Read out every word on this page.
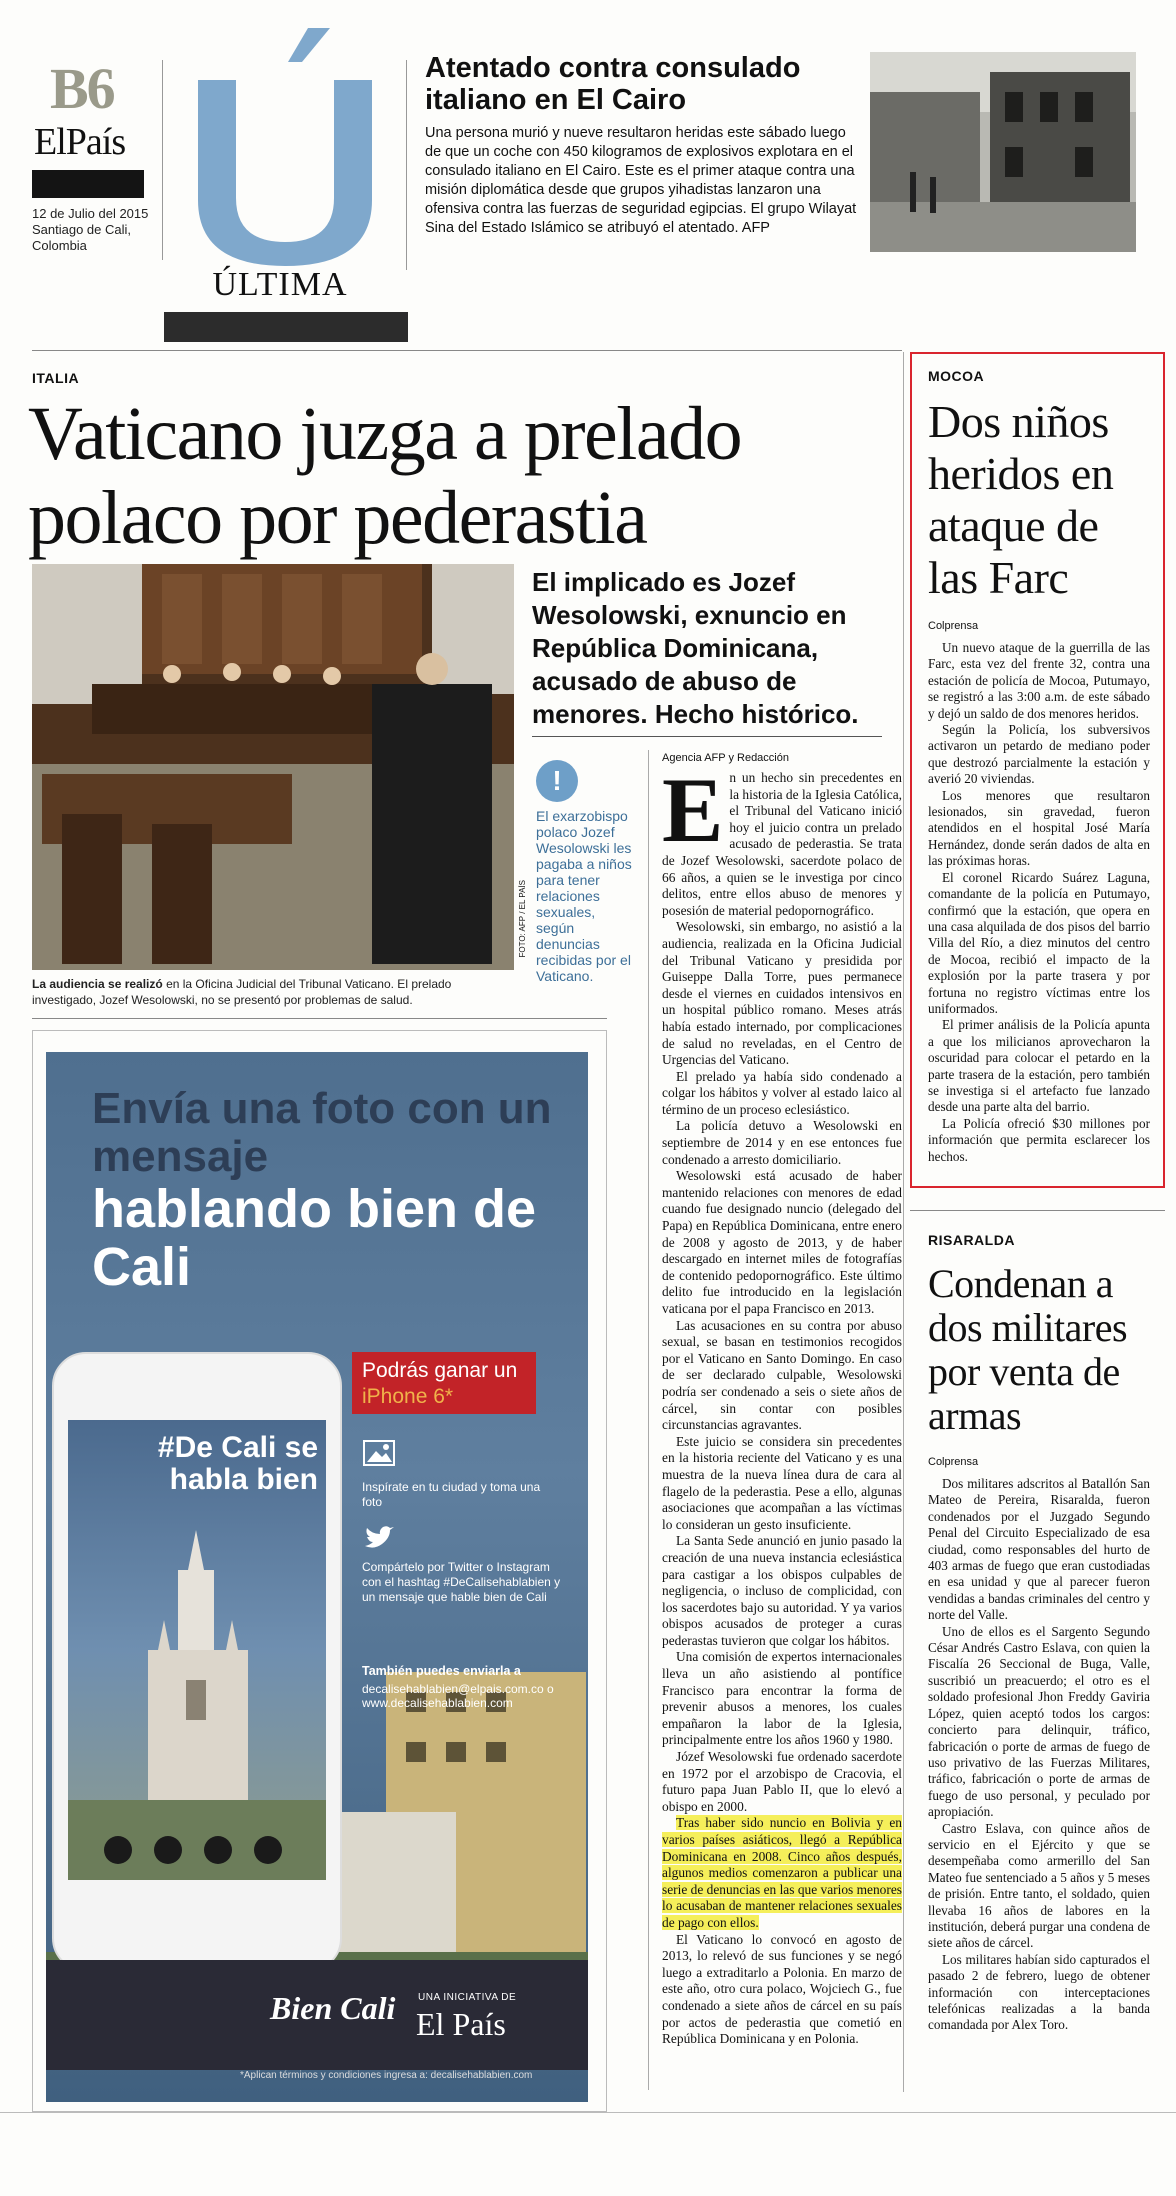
B6
ElPaís
12 de Julio del 2015 Santiago de Cali, Colombia
ÚLTIMA
Atentado contra consulado italiano en El Cairo
Una persona murió y nueve resultaron heridas este sábado luego de que un coche con 450 kilogramos de explosivos explotara en el consulado italiano en El Cairo. Este es el primer ataque contra una misión diplomática desde que grupos yihadistas lanzaron una ofensiva contra las fuerzas de seguridad egipcias. El grupo Wilayat Sina del Estado Islámico se atribuyó el atentado. AFP
ITALIA
Vaticano juzga a prelado polaco por pederastia
FOTO: AFP / EL PAÍS
La audiencia se realizó en la Oficina Judicial del Tribunal Vaticano. El prelado investigado, Jozef Wesolowski, no se presentó por problemas de salud.
El implicado es Jozef Wesolowski, exnuncio en República Dominicana, acusado de abuso de menores. Hecho histórico.
!
El exarzobispo polaco Jozef Wesolowski les pagaba a niños para tener relaciones sexuales, según denuncias recibidas por el Vaticano.
Agencia AFP y Redacción

En un hecho sin precedentes en la historia de la Iglesia Católica, el Tribunal del Vaticano inició hoy el juicio contra un prelado acusado de pederastia. Se trata de Jozef Wesolowski, sacerdote polaco de 66 años, a quien se le investiga por cinco delitos, entre ellos abuso de menores y posesión de material pedopornográfico.

Wesolowski, sin embargo, no asistió a la audiencia, realizada en la Oficina Judicial del Tribunal Vaticano y presidida por Guiseppe Dalla Torre, pues permanece desde el viernes en cuidados intensivos en un hospital público romano. Meses atrás había estado internado, por complicaciones de salud no reveladas, en el Centro de Urgencias del Vaticano.

El prelado ya había sido condenado a colgar los hábitos y volver al estado laico al término de un proceso eclesiástico.

La policía detuvo a Wesolowski en septiembre de 2014 y en ese entonces fue condenado a arresto domiciliario.

Wesolowski está acusado de haber mantenido relaciones con menores de edad cuando fue designado nuncio (delegado del Papa) en República Dominicana, entre enero de 2008 y agosto de 2013, y de haber descargado en internet miles de fotografías de contenido pedopornográfico. Este último delito fue introducido en la legislación vaticana por el papa Francisco en 2013.

Las acusaciones en su contra por abuso sexual, se basan en testimonios recogidos por el Vaticano en Santo Domingo. En caso de ser declarado culpable, Wesolowski podría ser condenado a seis o siete años de cárcel, sin contar con posibles circunstancias agravantes.

Este juicio se considera sin precedentes en la historia reciente del Vaticano y es una muestra de la nueva línea dura de cara al flagelo de la pederastia. Pese a ello, algunas asociaciones que acompañan a las víctimas lo consideran un gesto insuficiente.

La Santa Sede anunció en junio pasado la creación de una nueva instancia eclesiástica para castigar a los obispos culpables de negligencia, o incluso de complicidad, con los sacerdotes bajo su autoridad. Y ya varios obispos acusados de proteger a curas pederastas tuvieron que colgar los hábitos.

Una comisión de expertos internacionales lleva un año asistiendo al pontífice Francisco para encontrar la forma de prevenir abusos a menores, los cuales empañaron la labor de la Iglesia, principalmente entre los años 1960 y 1980.

Józef Wesolowski fue ordenado sacerdote en 1972 por el arzobispo de Cracovia, el futuro papa Juan Pablo II, que lo elevó a obispo en 2000.

Tras haber sido nuncio en Bolivia y en varios países asiáticos, llegó a República Dominicana en 2008. Cinco años después, algunos medios comenzaron a publicar una serie de denuncias en las que varios menores lo acusaban de mantener relaciones sexuales de pago con ellos.

El Vaticano lo convocó en agosto de 2013, lo relevó de sus funciones y se negó luego a extraditarlo a Polonia. En marzo de este año, otro cura polaco, Wojciech G., fue condenado a siete años de cárcel en su país por actos de pederastia que cometió en República Dominicana y en Polonia.

Envía una foto con un mensaje
hablando bien de Cali
Podrás ganar un iPhone 6*
#De Cali se habla bien	Inspírate en tu ciudad y toma una foto
Compártelo por Twitter o Instagram con el hashtag #DeCalisehablabien y un mensaje que hable bien de Cali
También puedes enviarla a
decalisehablabien@elpais.com.co o www.decalisehablabien.com
Bien Cali UNA INICIATIVA DE
El País
*Aplican términos y condiciones ingresa a: decalisehablabien.com
MOCOA
Dos niños heridos en ataque de las Farc
Colprensa

Un nuevo ataque de la guerrilla de las Farc, esta vez del frente 32, contra una estación de policía de Mocoa, Putumayo, se registró a las 3:00 a.m. de este sábado y dejó un saldo de dos menores heridos.

Según la Policía, los subversivos activaron un petardo de mediano poder que destrozó parcialmente la estación y averió 20 viviendas.

Los menores que resultaron lesionados, sin gravedad, fueron atendidos en el hospital José María Hernández, donde serán dados de alta en las próximas horas.

El coronel Ricardo Suárez Laguna, comandante de la policía en Putumayo, confirmó que la estación, que opera en una casa alquilada de dos pisos del barrio Villa del Río, a diez minutos del centro de Mocoa, recibió el impacto de la explosión por la parte trasera y por fortuna no registro víctimas entre los uniformados.

El primer análisis de la Policía apunta a que los milicianos aprovecharon la oscuridad para colocar el petardo en la parte trasera de la estación, pero también se investiga si el artefacto fue lanzado desde una parte alta del barrio.

La Policía ofreció $30 millones por información que permita esclarecer los hechos.

RISARALDA
Condenan a dos militares por venta de armas
Colprensa

Dos militares adscritos al Batallón San Mateo de Pereira, Risaralda, fueron condenados por el Juzgado Segundo Penal del Circuito Especializado de esa ciudad, como responsables del hurto de 403 armas de fuego que eran custodiadas en esa unidad y que al parecer fueron vendidas a bandas criminales del centro y norte del Valle.

Uno de ellos es el Sargento Segundo César Andrés Castro Eslava, con quien la Fiscalía 26 Seccional de Buga, Valle, suscribió un preacuerdo; el otro es el soldado profesional Jhon Freddy Gaviria López, quien aceptó todos los cargos: concierto para delinquir, tráfico, fabricación o porte de armas de fuego de uso privativo de las Fuerzas Militares, tráfico, fabricación o porte de armas de fuego de uso personal, y peculado por apropiación.

Castro Eslava, con quince años de servicio en el Ejército y que se desempeñaba como armerillo del San Mateo fue sentenciado a 5 años y 5 meses de prisión. Entre tanto, el soldado, quien llevaba 16 años de labores en la institución, deberá purgar una condena de siete años de cárcel.

Los militares habían sido capturados el pasado 2 de febrero, luego de obtener información con interceptaciones telefónicas realizadas a la banda comandada por Alex Toro.
